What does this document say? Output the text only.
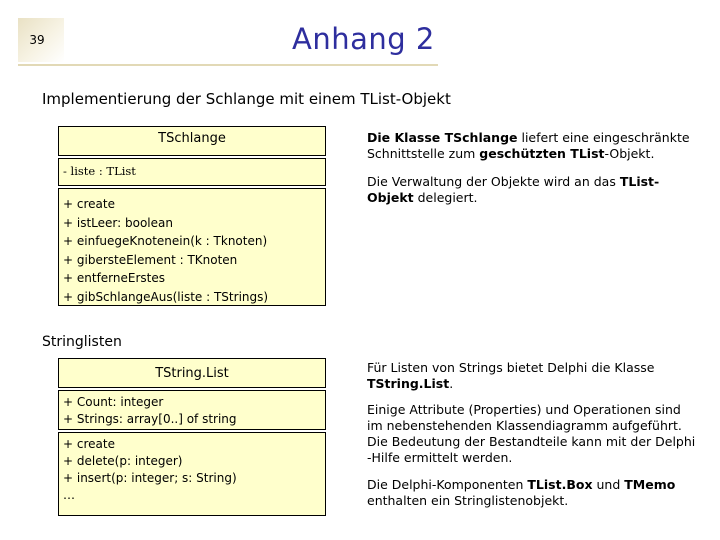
39	Anhang 2
Implementierung der Schlange mit einem TList-Objekt
TSchlange
- liste : TList
+ create
+ istLeer: boolean
+ einfuegeKnotenein(k : Tknoten)
+ gibersteElement : TKnoten
+ entferneErstes
+ gibSchlangeAus(liste : TStrings)
Die Klasse TSchlange liefert eine eingeschränkte Schnittstelle zum geschützten TList-Objekt.
Die Verwaltung der Objekte wird an das TList-Objekt delegiert.
Stringlisten
TString.List
+ Count: integer
+ Strings: array[0..] of string
+ create
+ delete(p: integer)
+ insert(p: integer; s: String)
…
Für Listen von Strings bietet Delphi die Klasse TString.List.
Einige Attribute (Properties) und Operationen sind im nebenstehenden Klassendiagramm aufgeführt. Die Bedeutung der Bestandteile kann mit der Delphi -Hilfe ermittelt werden.
Die Delphi-Komponenten TList.Box und TMemo enthalten ein Stringlistenobjekt.
